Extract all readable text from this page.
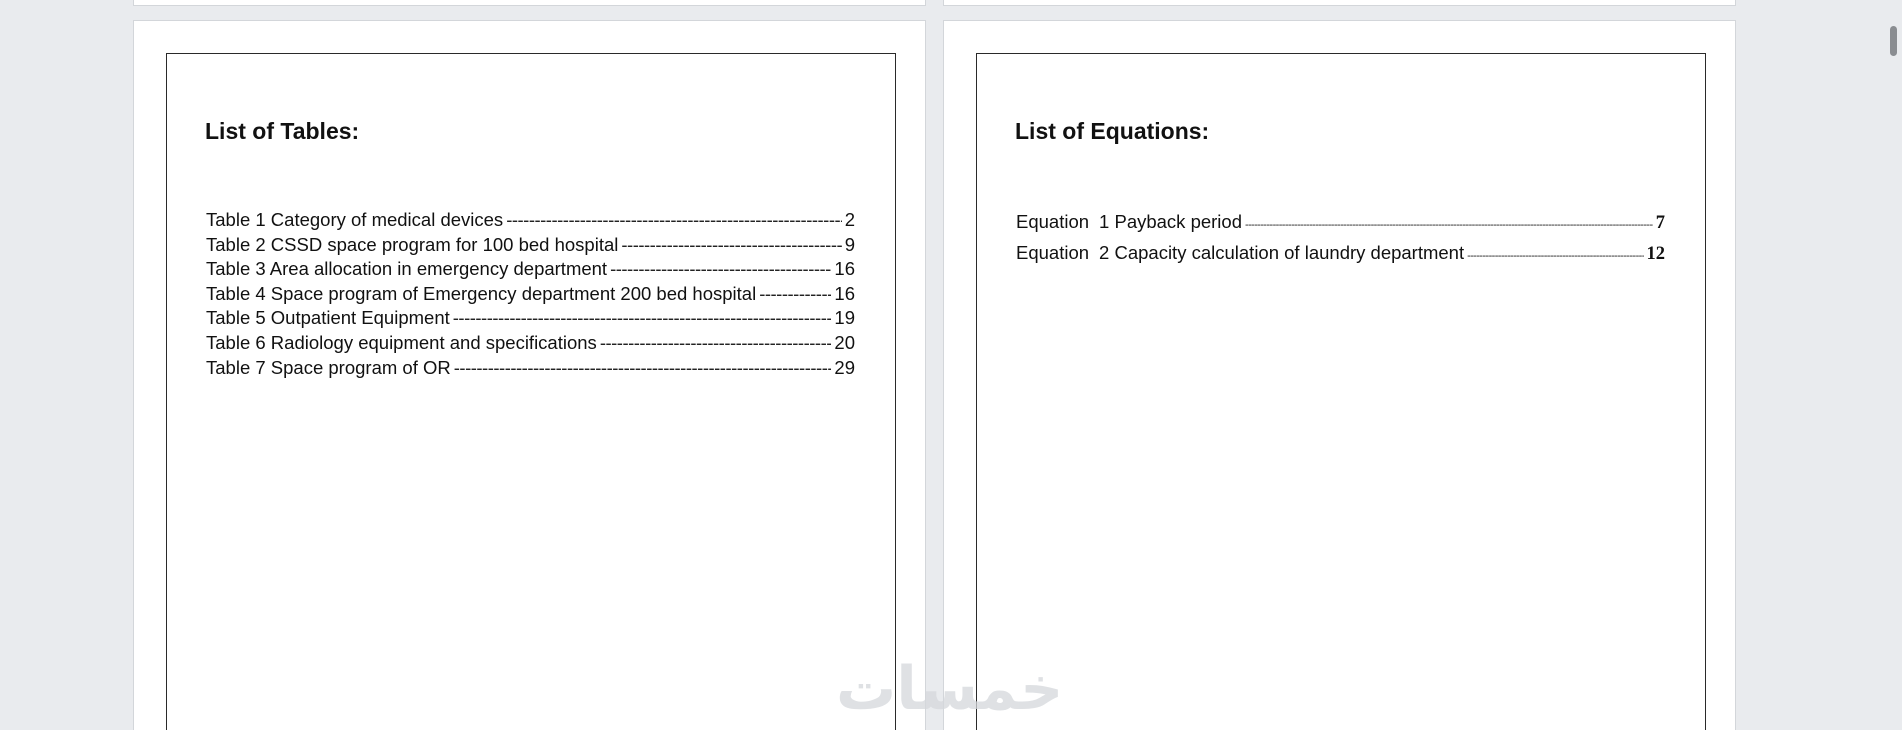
List of Tables:
Table 1 Category of medical devices -----	2
Table 2 CSSD space program for 100 bed hospital -----	9
Table 3 Area allocation in emergency department -----	16
Table 4 Space program of Emergency department 200 bed hospital -----	16
Table 5 Outpatient Equipment -----	19
Table 6 Radiology equipment and specifications -----	20
Table 7 Space program of OR -----	29
List of Equations:
Equation 1 Payback period -----	7
Equation 2 Capacity calculation of laundry department -----	12
خمسات
